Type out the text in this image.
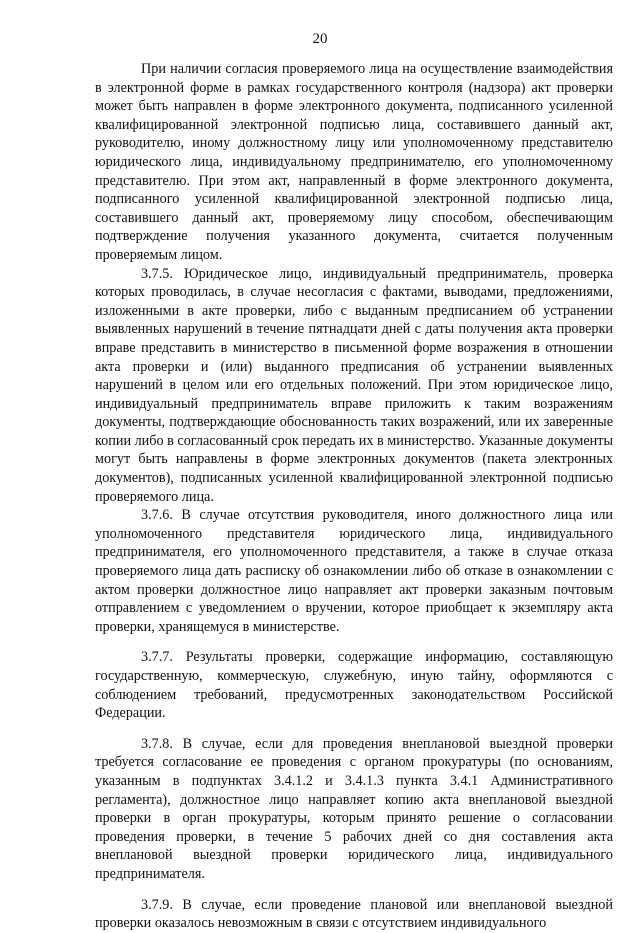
20

При наличии согласия проверяемого лица на осуществление взаимодействия в электронной форме в рамках государственного контроля (надзора) акт проверки может быть направлен в форме электронного документа, подписанного усиленной квалифицированной электронной подписью лица, составившего данный акт, руководителю, иному должностному лицу или уполномоченному представителю юридического лица, индивидуальному предпринимателю, его уполномоченному представителю. При этом акт, направленный в форме электронного документа, подписанного усиленной квалифицированной электронной подписью лица, составившего данный акт, проверяемому лицу способом, обеспечивающим подтверждение получения указанного документа, считается полученным проверяемым лицом.

3.7.5. Юридическое лицо, индивидуальный предприниматель, проверка которых проводилась, в случае несогласия с фактами, выводами, предложениями, изложенными в акте проверки, либо с выданным предписанием об устранении выявленных нарушений в течение пятнадцати дней с даты получения акта проверки вправе представить в министерство в письменной форме возражения в отношении акта проверки и (или) выданного предписания об устранении выявленных нарушений в целом или его отдельных положений. При этом юридическое лицо, индивидуальный предприниматель вправе приложить к таким возражениям документы, подтверждающие обоснованность таких возражений, или их заверенные копии либо в согласованный срок передать их в министерство. Указанные документы могут быть направлены в форме электронных документов (пакета электронных документов), подписанных усиленной квалифицированной электронной подписью проверяемого лица.

3.7.6. В случае отсутствия руководителя, иного должностного лица или уполномоченного представителя юридического лица, индивидуального предпринимателя, его уполномоченного представителя, а также в случае отказа проверяемого лица дать расписку об ознакомлении либо об отказе в ознакомлении с актом проверки должностное лицо направляет акт проверки заказным почтовым отправлением с уведомлением о вручении, которое приобщает к экземпляру акта проверки, хранящемуся в министерстве.

3.7.7. Результаты проверки, содержащие информацию, составляющую государственную, коммерческую, служебную, иную тайну, оформляются с соблюдением требований, предусмотренных законодательством Российской Федерации.

3.7.8. В случае, если для проведения внеплановой выездной проверки требуется согласование ее проведения с органом прокуратуры (по основаниям, указанным в подпунктах 3.4.1.2 и 3.4.1.3 пункта 3.4.1 Административного регламента), должностное лицо направляет копию акта внеплановой выездной проверки в орган прокуратуры, которым принято решение о согласовании проведения проверки, в течение 5 рабочих дней со дня составления акта внеплановой выездной проверки юридического лица, индивидуального предпринимателя.

3.7.9. В случае, если проведение плановой или внеплановой выездной проверки оказалось невозможным в связи с отсутствием индивидуального
